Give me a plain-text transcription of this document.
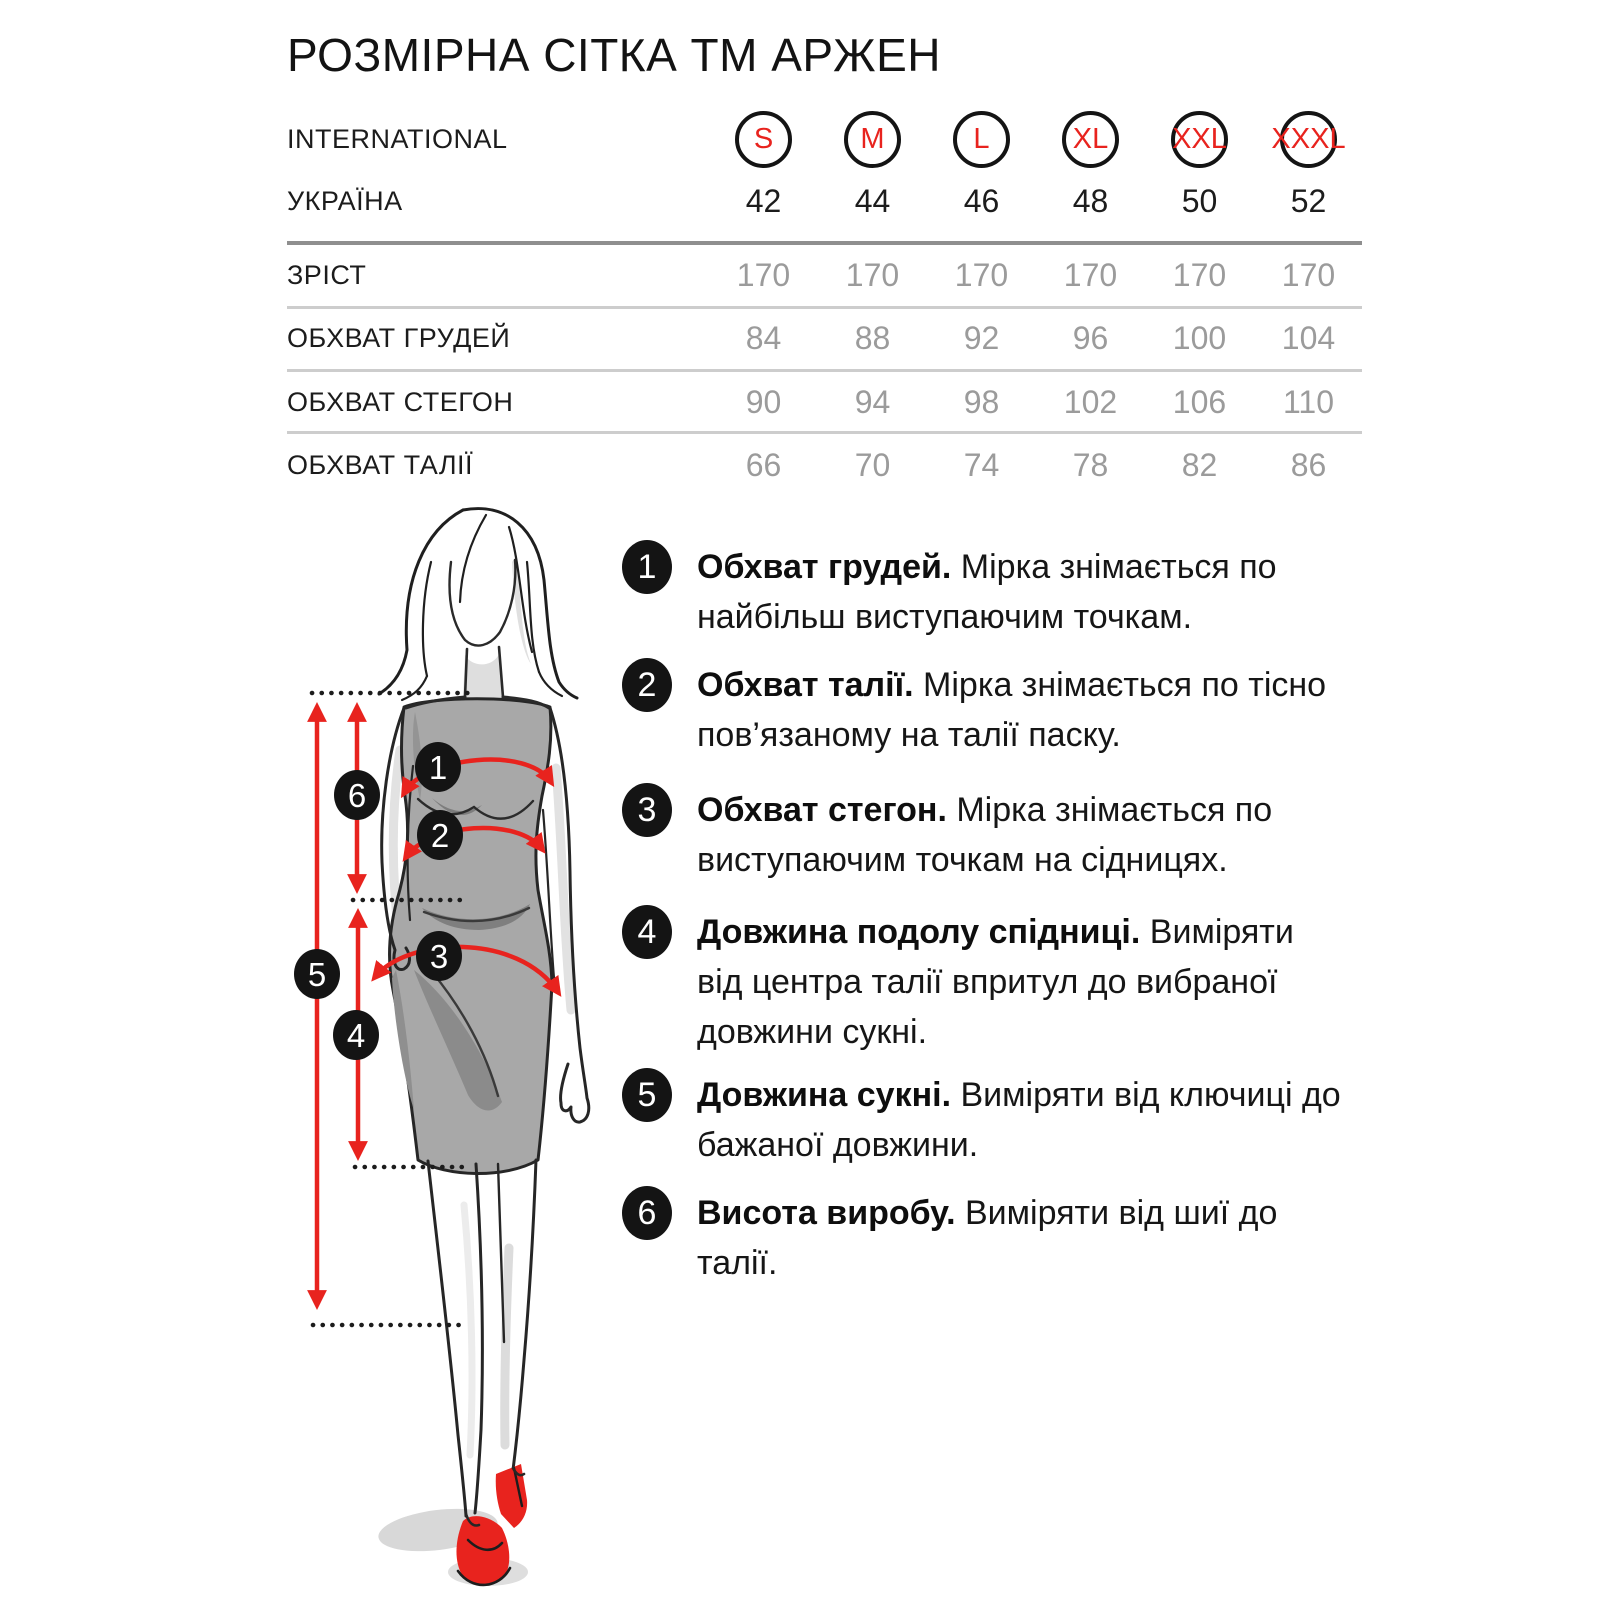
РОЗМІРНА СІТКА ТМ АРЖЕН
INTERNATIONAL	S	M	L	XL XXL XXXL
УКРАЇНА	42	44	46	48	50	52
ЗРІСТ	170	170	170	170	170	170
ОБХВАТ ГРУДЕЙ	84	88	92	96	100	104
ОБХВАТ СТЕГОН	90	94	98	102	106	110
ОБХВАТ ТАЛІЇ	66	70	74	78	82	86
1
2
3
4
5
6
1	Обхват грудей. Мірка знімається по найбільш виступаючим точкам.
2	Обхват талії. Мірка знімається по тісно пов’язаному на талії паску.
3	Обхват стегон. Мірка знімається по виступаючим точкам на сідницях.
4	Довжина подолу спідниці. Виміряти від центра талії впритул до вибраної довжини сукні.
5	Довжина сукні. Виміряти від ключиці до бажаної довжини.
6	Висота виробу. Виміряти від шиї до талії.
